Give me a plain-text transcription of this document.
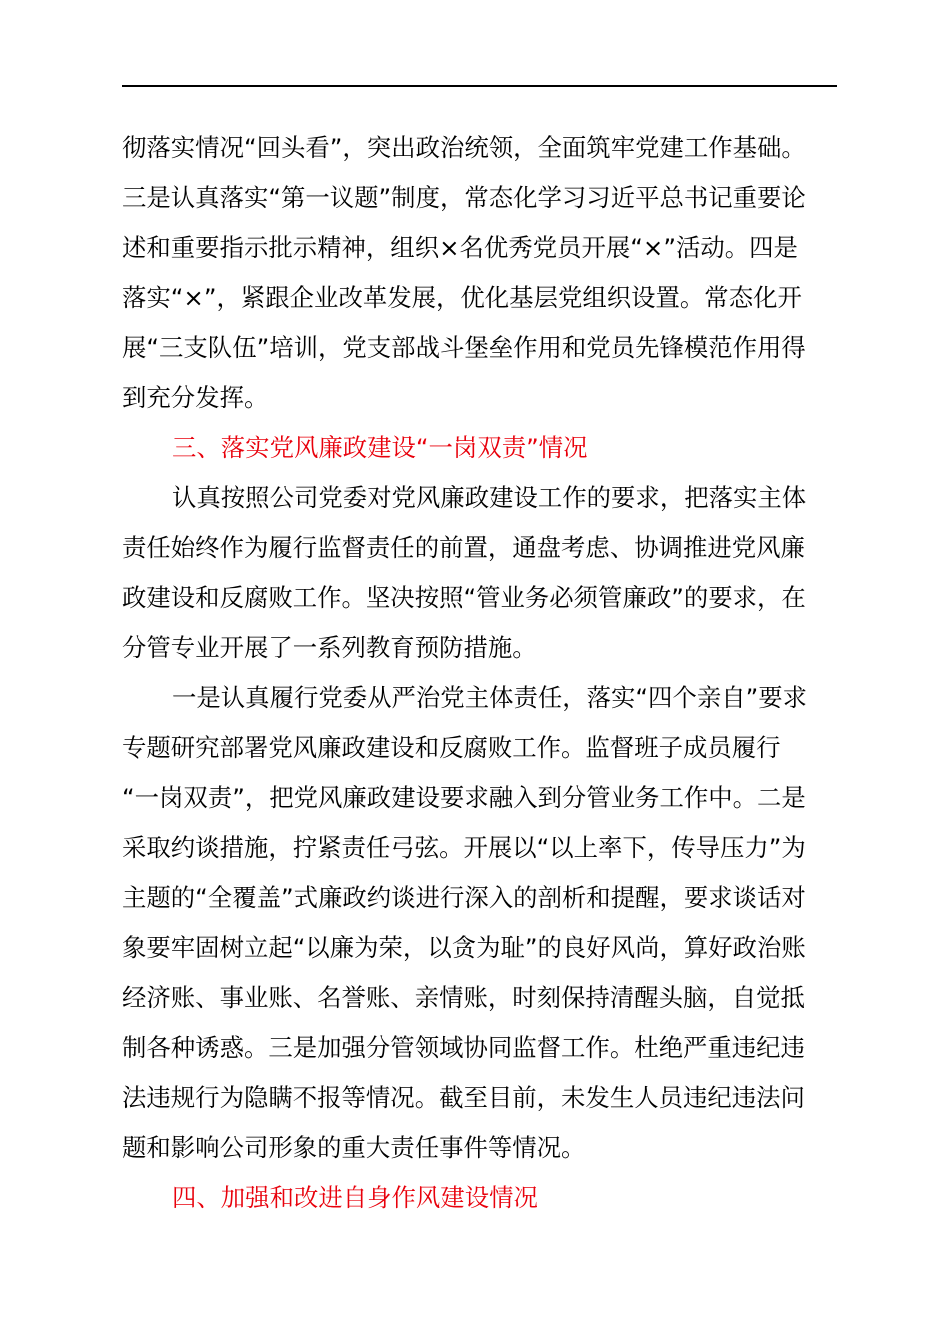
彻落实情况“回头看”，突出政治统领，全面筑牢党建工作基础。
三是认真落实“第一议题”制度，常态化学习习近平总书记重要论
述和重要指示批示精神，组织×名优秀党员开展“×”活动。四是
落实“×”，紧跟企业改革发展，优化基层党组织设置。常态化开
展“三支队伍”培训，党支部战斗堡垒作用和党员先锋模范作用得
到充分发挥。
三、落实党风廉政建设“一岗双责”情况
认真按照公司党委对党风廉政建设工作的要求，把落实主体
责任始终作为履行监督责任的前置，通盘考虑、协调推进党风廉
政建设和反腐败工作。坚决按照“管业务必须管廉政”的要求，在
分管专业开展了一系列教育预防措施。
一是认真履行党委从严治党主体责任，落实“四个亲自”要求
专题研究部署党风廉政建设和反腐败工作。监督班子成员履行
“一岗双责”，把党风廉政建设要求融入到分管业务工作中。二是
采取约谈措施，拧紧责任弓弦。开展以“以上率下，传导压力”为
主题的“全覆盖”式廉政约谈进行深入的剖析和提醒，要求谈话对
象要牢固树立起“以廉为荣，以贪为耻”的良好风尚，算好政治账
经济账、事业账、名誉账、亲情账，时刻保持清醒头脑，自觉抵
制各种诱惑。三是加强分管领域协同监督工作。杜绝严重违纪违
法违规行为隐瞒不报等情况。截至目前，未发生人员违纪违法问
题和影响公司形象的重大责任事件等情况。
四、加强和改进自身作风建设情况
